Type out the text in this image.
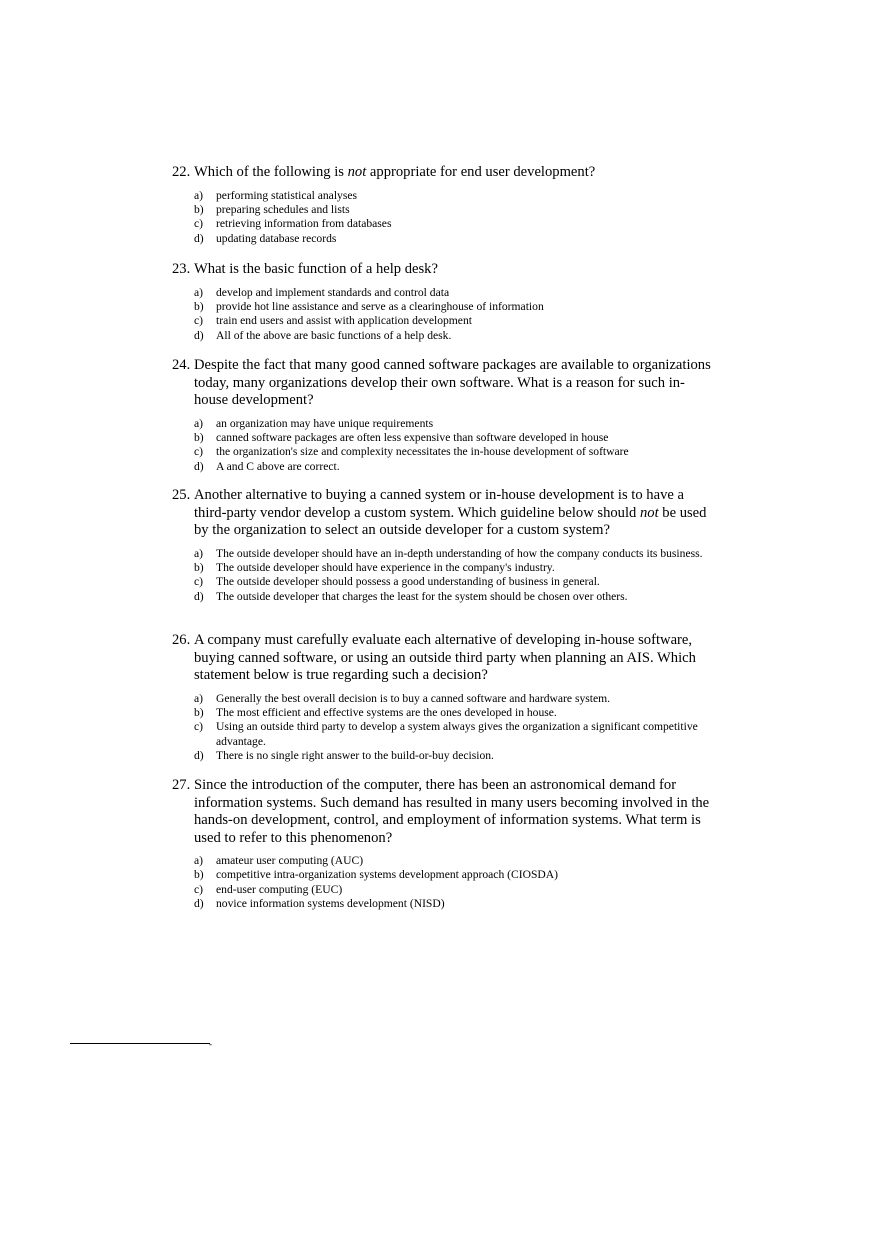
22. Which of the following is not appropriate for end user development?
a)	performing statistical analyses
b)	preparing schedules and lists
c)	retrieving information from databases
d)	updating database records
23. What is the basic function of a help desk?
a)	develop and implement standards and control data
b)	provide hot line assistance and serve as a clearinghouse of information
c)	train end users and assist with application development
d)	All of the above are basic functions of a help desk.
24. Despite the fact that many good canned software packages are available to organizations today, many organizations develop their own software. What is a reason for such in-house development?
a)	an organization may have unique requirements
b)	canned software packages are often less expensive than software developed in house
c)	the organization's size and complexity necessitates the in-house development of software
d)	A and C above are correct.
25. Another alternative to buying a canned system or in-house development is to have a third-party vendor develop a custom system. Which guideline below should not be used by the organization to select an outside developer for a custom system?
a)	The outside developer should have an in-depth understanding of how the company conducts its business.
b)	The outside developer should have experience in the company's industry.
c)	The outside developer should possess a good understanding of business in general.
d)	The outside developer that charges the least for the system should be chosen over others.
26. A company must carefully evaluate each alternative of developing in-house software, buying canned software, or using an outside third party when planning an AIS. Which statement below is true regarding such a decision?
a)	Generally the best overall decision is to buy a canned software and hardware system.
b)	The most efficient and effective systems are the ones developed in house.
c)	Using an outside third party to develop a system always gives the organization a significant competitive advantage.
d)	There is no single right answer to the build-or-buy decision.
27. Since the introduction of the computer, there has been an astronomical demand for information systems. Such demand has resulted in many users becoming involved in the hands-on development, control, and employment of information systems. What term is used to refer to this phenomenon?
a)	amateur user computing (AUC)
b)	competitive intra-organization systems development approach (CIOSDA)
c)	end-user computing (EUC)
d)	novice information systems development (NISD)
-
